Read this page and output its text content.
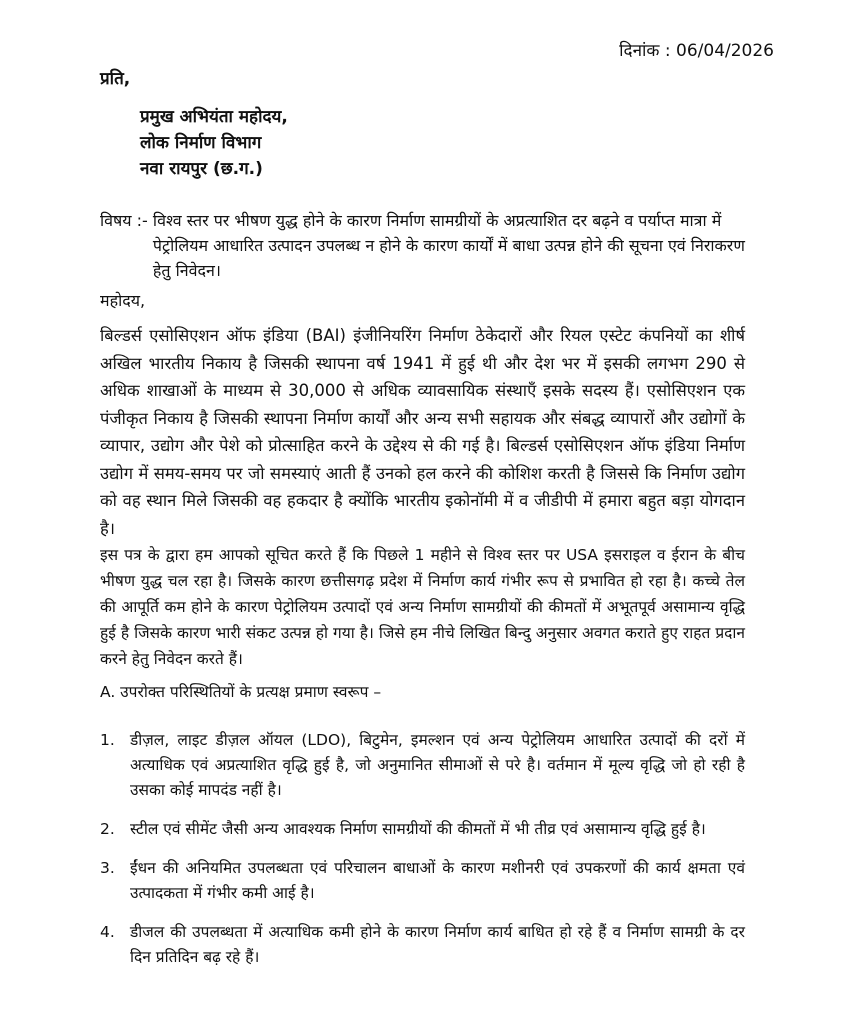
दिनांक : 06/04/2026
प्रति,
प्रमुख अभियंता महोदय,
लोक निर्माण विभाग
नवा रायपुर (छ.ग.)
विषय :-
विश्व स्तर पर भीषण युद्ध होने के कारण निर्माण सामग्रीयों के अप्रत्याशित दर बढ़ने व पर्याप्त मात्रा में पेट्रोलियम आधारित उत्पादन उपलब्ध न होने के कारण कार्यों में बाधा उत्पन्न होने की सूचना एवं निराकरण हेतु निवेदन।
महोदय,
बिल्डर्स एसोसिएशन ऑफ इंडिया (BAI) इंजीनियरिंग निर्माण ठेकेदारों और रियल एस्टेट कंपनियों का शीर्ष अखिल भारतीय निकाय है जिसकी स्थापना वर्ष 1941 में हुई थी और देश भर में इसकी लगभग 290 से अधिक शाखाओं के माध्यम से 30,000 से अधिक व्यावसायिक संस्थाएँ इसके सदस्य हैं। एसोसिएशन एक पंजीकृत निकाय है जिसकी स्थापना निर्माण कार्यों और अन्य सभी सहायक और संबद्ध व्यापारों और उद्योगों के व्यापार, उद्योग और पेशे को प्रोत्साहित करने के उद्देश्य से की गई है। बिल्डर्स एसोसिएशन ऑफ इंडिया निर्माण उद्योग में समय-समय पर जो समस्याएं आती हैं उनको हल करने की कोशिश करती है जिससे कि निर्माण उद्योग को वह स्थान मिले जिसकी वह हकदार है क्योंकि भारतीय इकोनॉमी में व जीडीपी में हमारा बहुत बड़ा योगदान है।
इस पत्र के द्वारा हम आपको सूचित करते हैं कि पिछले 1 महीने से विश्व स्तर पर USA इसराइल व ईरान के बीच भीषण युद्ध चल रहा है। जिसके कारण छत्तीसगढ़ प्रदेश में निर्माण कार्य गंभीर रूप से प्रभावित हो रहा है। कच्चे तेल की आपूर्ति कम होने के कारण पेट्रोलियम उत्पादों एवं अन्य निर्माण सामग्रीयों की कीमतों में अभूतपूर्व असामान्य वृद्धि हुई है जिसके कारण भारी संकट उत्पन्न हो गया है। जिसे हम नीचे लिखित बिन्दु अनुसार अवगत कराते हुए राहत प्रदान करने हेतु निवेदन करते हैं।
A. उपरोक्त परिस्थितियों के प्रत्यक्ष प्रमाण स्वरूप –
1. डीज़ल, लाइट डीज़ल ऑयल (LDO), बिटुमेन, इमल्शन एवं अन्य पेट्रोलियम आधारित उत्पादों की दरों में अत्याधिक एवं अप्रत्याशित वृद्धि हुई है, जो अनुमानित सीमाओं से परे है। वर्तमान में मूल्य वृद्धि जो हो रही है उसका कोई मापदंड नहीं है।
2. स्टील एवं सीमेंट जैसी अन्य आवश्यक निर्माण सामग्रीयों की कीमतों में भी तीव्र एवं असामान्य वृद्धि हुई है।
3. ईंधन की अनियमित उपलब्धता एवं परिचालन बाधाओं के कारण मशीनरी एवं उपकरणों की कार्य क्षमता एवं उत्पादकता में गंभीर कमी आई है।
4. डीजल की उपलब्धता में अत्याधिक कमी होने के कारण निर्माण कार्य बाधित हो रहे हैं व निर्माण सामग्री के दर दिन प्रतिदिन बढ़ रहे हैं।
